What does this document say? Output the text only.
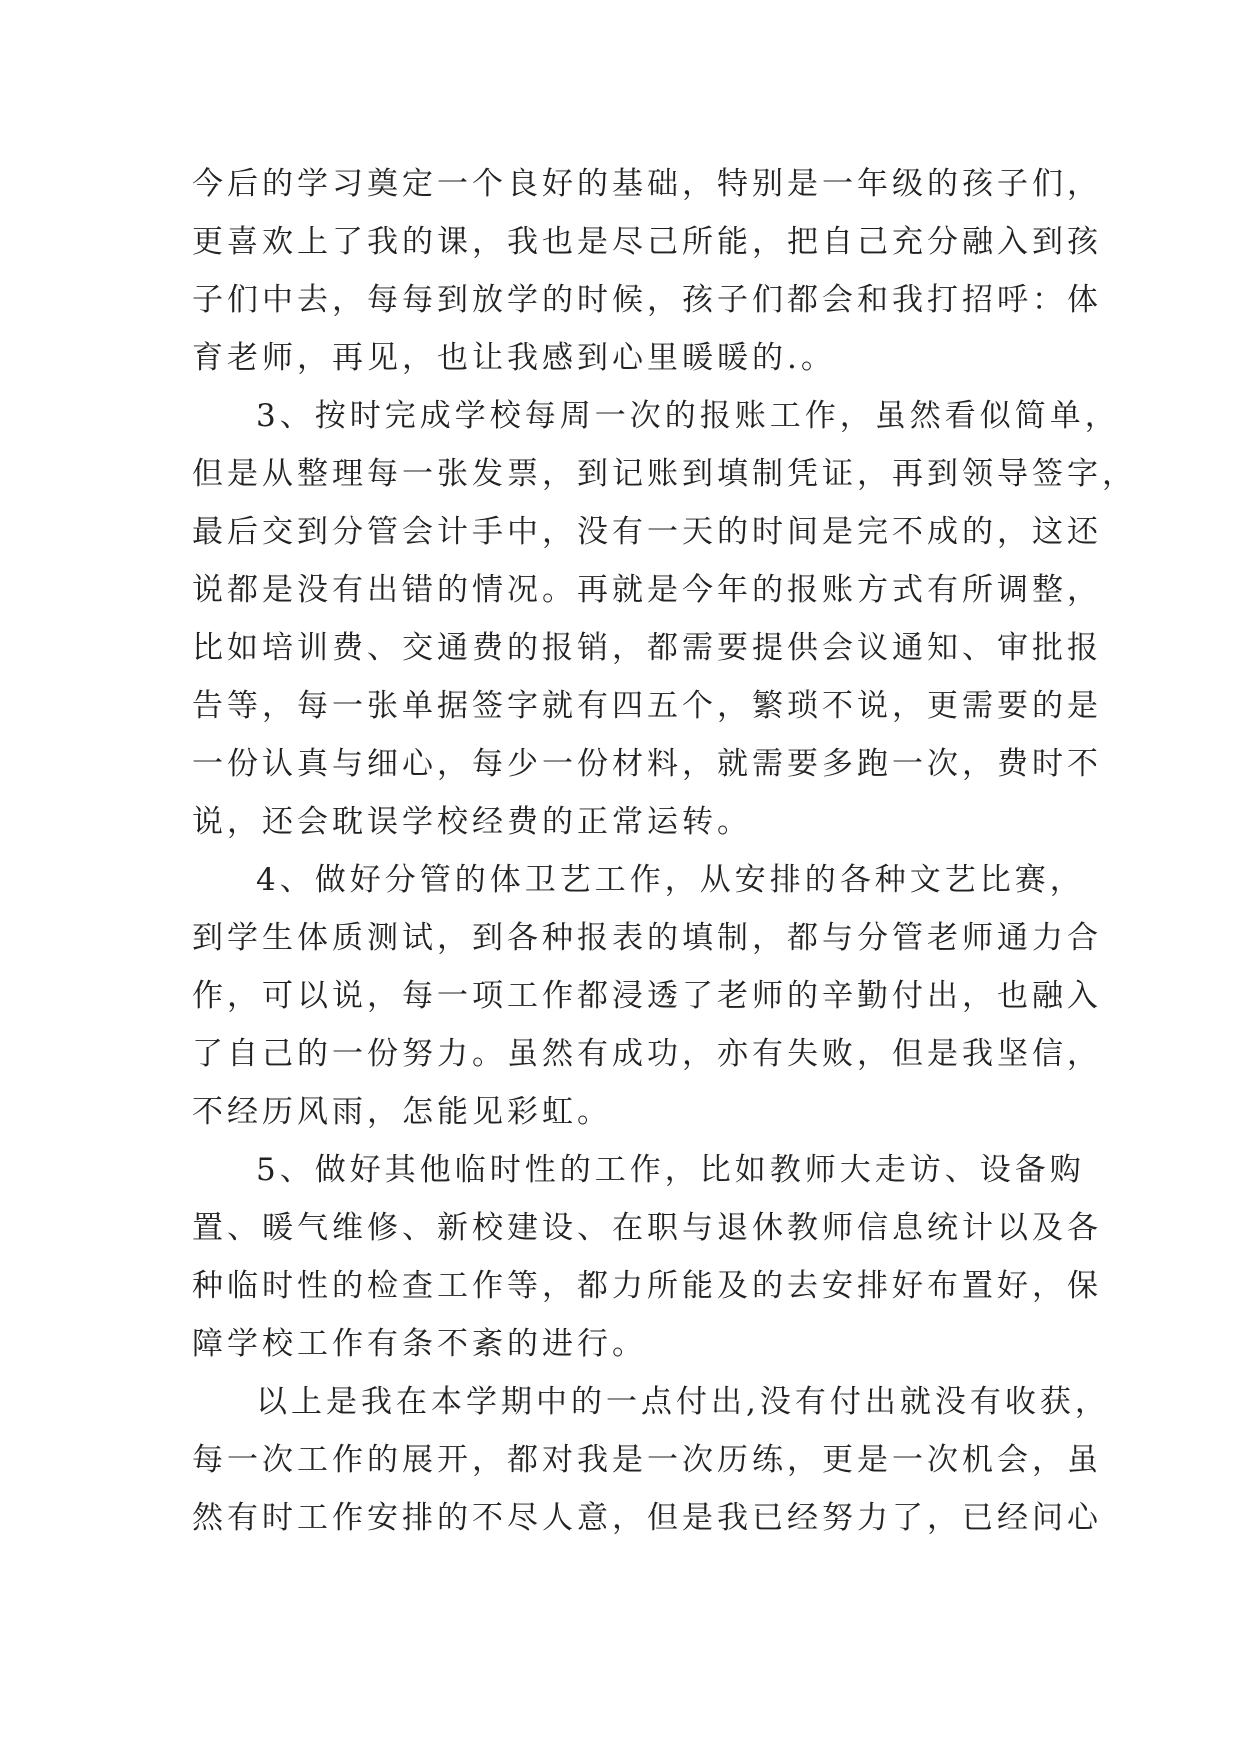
今后的学习奠定一个良好的基础，特别是一年级的孩子们，
更喜欢上了我的课，我也是尽己所能，把自己充分融入到孩
子们中去，每每到放学的时候，孩子们都会和我打招呼：体
育老师，再见，也让我感到心里暖暖的.。
3、按时完成学校每周一次的报账工作，虽然看似简单，
但是从整理每一张发票，到记账到填制凭证，再到领导签字，
最后交到分管会计手中，没有一天的时间是完不成的，这还
说都是没有出错的情况。再就是今年的报账方式有所调整，
比如培训费、交通费的报销，都需要提供会议通知、审批报
告等，每一张单据签字就有四五个，繁琐不说，更需要的是
一份认真与细心，每少一份材料，就需要多跑一次，费时不
说，还会耽误学校经费的正常运转。
4、做好分管的体卫艺工作，从安排的各种文艺比赛，
到学生体质测试，到各种报表的填制，都与分管老师通力合
作，可以说，每一项工作都浸透了老师的辛勤付出，也融入
了自己的一份努力。虽然有成功，亦有失败，但是我坚信，
不经历风雨，怎能见彩虹。
5、做好其他临时性的工作，比如教师大走访、设备购
置、暖气维修、新校建设、在职与退休教师信息统计以及各
种临时性的检查工作等，都力所能及的去安排好布置好，保
障学校工作有条不紊的进行。
以上是我在本学期中的一点付出,没有付出就没有收获，
每一次工作的展开，都对我是一次历练，更是一次机会，虽
然有时工作安排的不尽人意，但是我已经努力了，已经问心
